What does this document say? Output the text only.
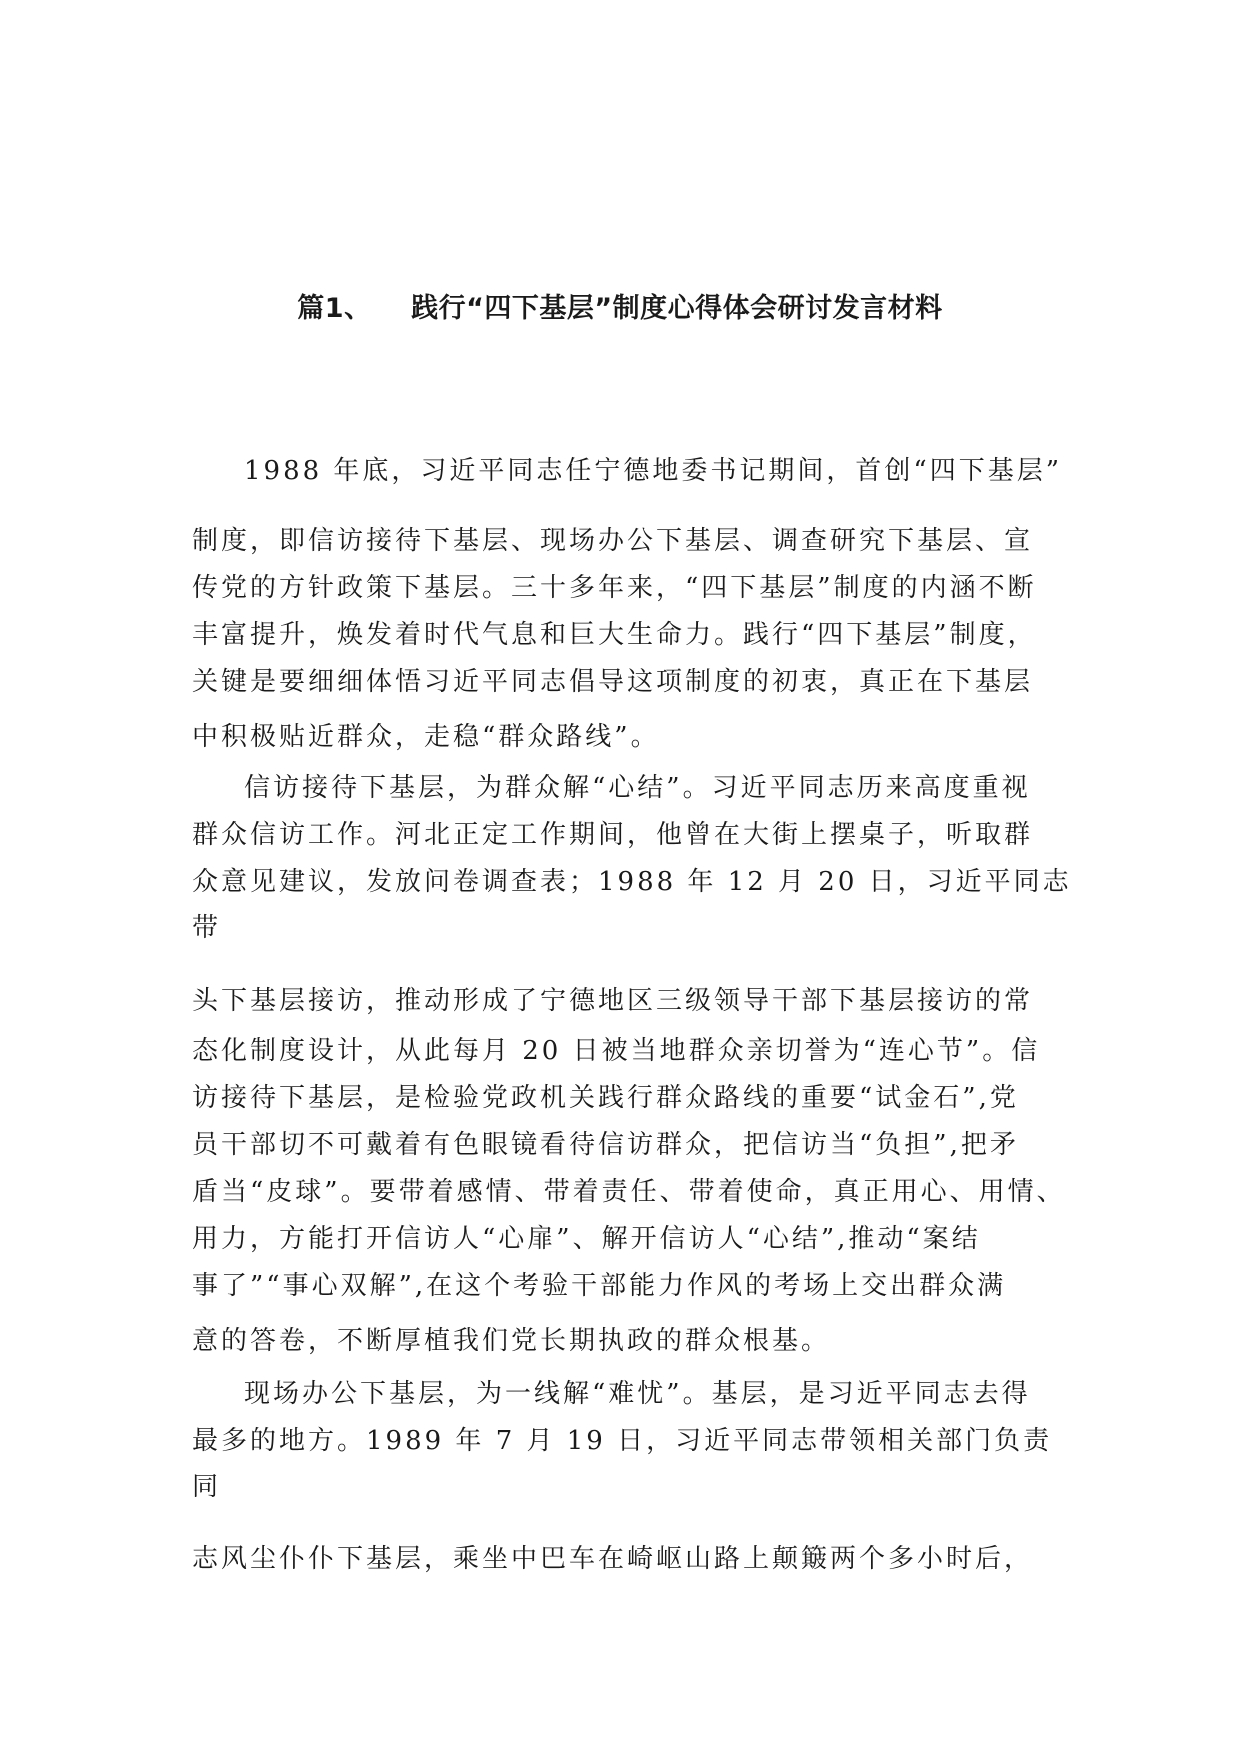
篇1、    践行“四下基层”制度心得体会研讨发言材料
1988 年底，习近平同志任宁德地委书记期间，首创“四下基层”
制度，即信访接待下基层、现场办公下基层、调查研究下基层、宣
传党的方针政策下基层。三十多年来，“四下基层”制度的内涵不断
丰富提升，焕发着时代气息和巨大生命力。践行“四下基层”制度，
关键是要细细体悟习近平同志倡导这项制度的初衷，真正在下基层
中积极贴近群众，走稳“群众路线”。
信访接待下基层，为群众解“心结”。习近平同志历来高度重视
群众信访工作。河北正定工作期间，他曾在大街上摆桌子，听取群
众意见建议，发放问卷调查表；1988 年 12 月 20 日，习近平同志
带
头下基层接访，推动形成了宁德地区三级领导干部下基层接访的常
态化制度设计，从此每月 20 日被当地群众亲切誉为“连心节”。信
访接待下基层，是检验党政机关践行群众路线的重要“试金石”,党
员干部切不可戴着有色眼镜看待信访群众，把信访当“负担”,把矛
盾当“皮球”。要带着感情、带着责任、带着使命，真正用心、用情、
用力，方能打开信访人“心扉”、解开信访人“心结”,推动“案结
事了”“事心双解”,在这个考验干部能力作风的考场上交出群众满
意的答卷，不断厚植我们党长期执政的群众根基。
现场办公下基层，为一线解“难忧”。基层，是习近平同志去得
最多的地方。1989 年 7 月 19 日，习近平同志带领相关部门负责
同
志风尘仆仆下基层，乘坐中巴车在崎岖山路上颠簸两个多小时后，
